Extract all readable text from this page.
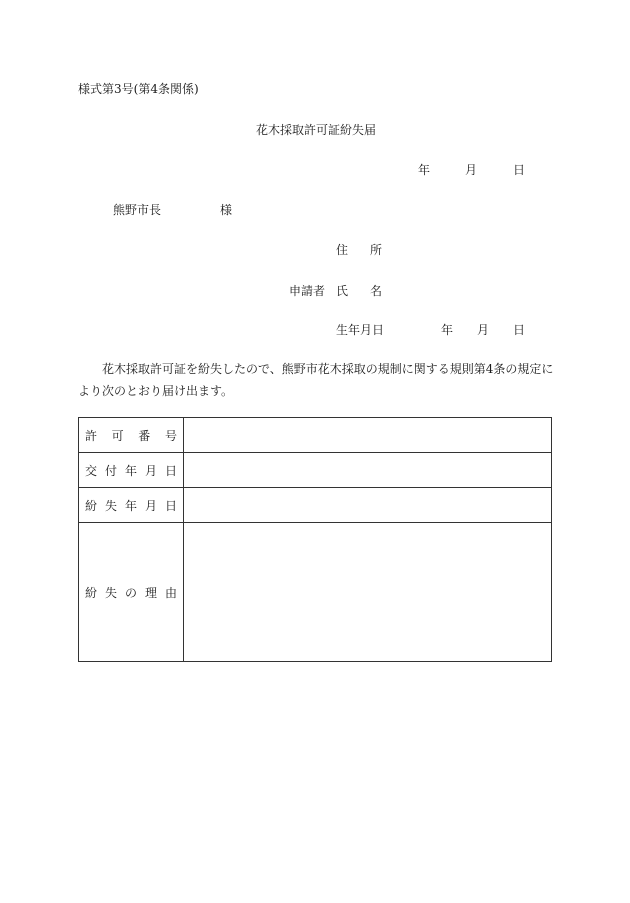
様式第3号(第4条関係)
花木採取許可証紛失届
年	月	日
熊野市長	様
住 所
申請者 氏 名
生年月日	年 月 日
花木採取許可証を紛失したので、熊野市花木採取の規制に関する規則第4条の規定により次のとおり届け出ます。
許可番号	
交付年月日	
紛失年月日	
紛失の理由	
